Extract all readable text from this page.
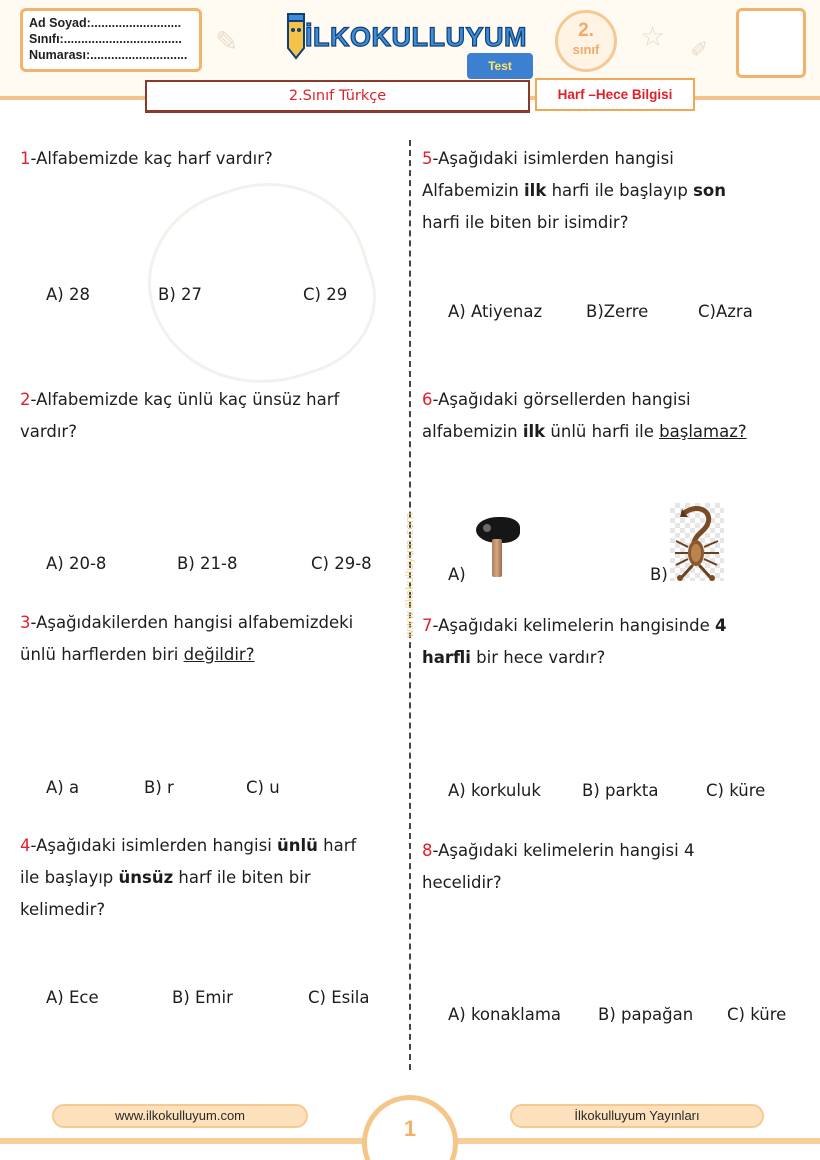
✎	☆ ✐
Ad Soyad:..........................
Sınıfı:..................................
Numarası:............................
İLKOKULLUYUM
Test
2.
sınıf
2.Sınıf Türkçe	Harf –Hece Bilgisi
www.ilkokulluyum.com
1-Alfabemizde kaç harf vardır?
A) 28	B) 27	C) 29
2-Alfabemizde kaç ünlü kaç ünsüz harf
vardır?
A) 20-8	B) 21-8	C) 29-8
3-Aşağıdakilerden hangisi alfabemizdeki
ünlü harflerden biri değildir?
A) a	B) r	C) u
4-Aşağıdaki isimlerden hangisi ünlü harf
ile başlayıp ünsüz harf ile biten bir
kelimedir?
A) Ece	B) Emir	C) Esila
5-Aşağıdaki isimlerden hangisi
Alfabemizin ilk harfi ile başlayıp son
harfi ile biten bir isimdir?
A) Atiyenaz	B)Zerre	C)Azra
6-Aşağıdaki görsellerden hangisi
alfabemizin ilk ünlü harfi ile başlamaz?
A)	B)
7-Aşağıdaki kelimelerin hangisinde 4
harfli bir hece vardır?
A) korkuluk B) parkta	C) küre
8-Aşağıdaki kelimelerin hangisi 4
hecelidir?
A) konaklama B) papağan C) küre
1
www.ilkokulluyum.com	İlkokulluyum Yayınları
